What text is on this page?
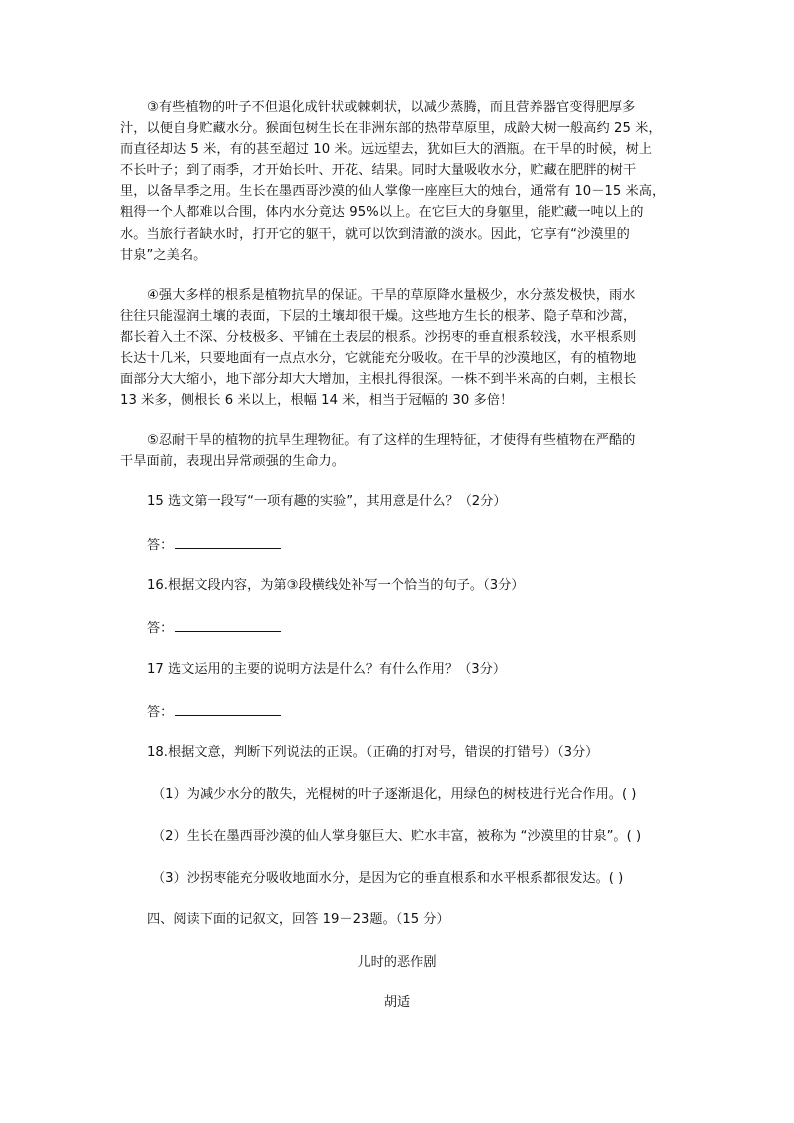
③有些植物的叶子不但退化成针状或棘刺状，以减少蒸腾，而且营养器官变得肥厚多
汁，以便自身贮藏水分。猴面包树生长在非洲东部的热带草原里，成龄大树一般高约 25 米，
而直径却达 5 米，有的甚至超过 10 米。远远望去，犹如巨大的酒瓶。在干旱的时候，树上
不长叶子；到了雨季，才开始长叶、开花、结果。同时大量吸收水分，贮藏在肥胖的树干
里，以备旱季之用。生长在墨西哥沙漠的仙人掌像一座座巨大的烛台，通常有 10－15 米高，
粗得一个人都难以合围，体内水分竟达 95%以上。在它巨大的身躯里，能贮藏一吨以上的
水。当旅行者缺水时，打开它的躯干，就可以饮到清澈的淡水。因此，它享有“沙漠里的
甘泉”之美名。
④强大多样的根系是植物抗旱的保证。干旱的草原降水量极少，水分蒸发极快，雨水
往往只能湿润土壤的表面，下层的土壤却很干燥。这些地方生长的根茅、隐子草和沙蒿，
都长着入土不深、分枝极多、平铺在土表层的根系。沙拐枣的垂直根系较浅，水平根系则
长达十几米，只要地面有一点点水分，它就能充分吸收。在干旱的沙漠地区，有的植物地
面部分大大缩小，地下部分却大大增加，主根扎得很深。一株不到半米高的白刺，主根长
13 米多，侧根长 6 米以上，根幅 14 米，相当于冠幅的 30 多倍！
⑤忍耐干旱的植物的抗旱生理物征。有了这样的生理特征，才使得有些植物在严酷的
干旱面前，表现出异常顽强的生命力。
15 选文第一段写“一项有趣的实验”，其用意是什么？（2分）
答：
16.根据文段内容，为第③段横线处补写一个恰当的句子。（3分）
答：
17 选文运用的主要的说明方法是什么？有什么作用？（3分）
答：
18.根据文意，判断下列说法的正误。（正确的打对号，错误的打错号）（3分）
（1）为减少水分的散失，光棍树的叶子逐渐退化，用绿色的树枝进行光合作用。( )
（2）生长在墨西哥沙漠的仙人掌身躯巨大、贮水丰富，被称为 “沙漠里的甘泉”。( )
（3）沙拐枣能充分吸收地面水分，是因为它的垂直根系和水平根系都很发达。( )
四、阅读下面的记叙文，回答 19－23题。（15 分）
儿时的恶作剧
胡适
